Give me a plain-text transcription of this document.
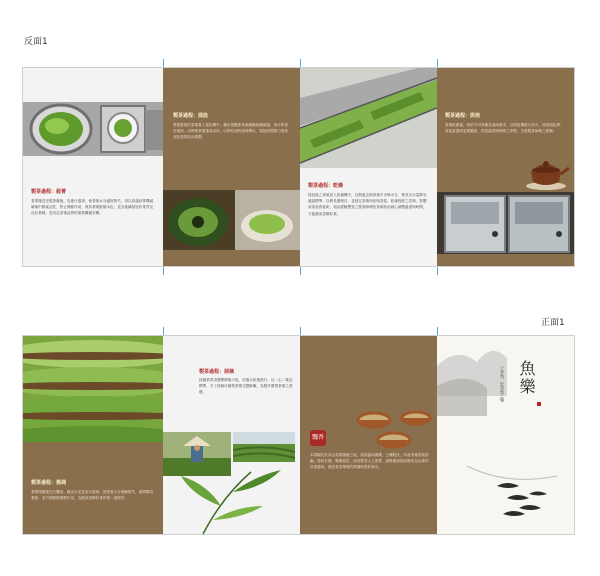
反面1
正面1
製茶過程：殺菁
茶菁運送至製茶廠後，先進行萎凋，使茶葉水分適度散失，再以高溫炒菁機破壞葉中酵素活性，停止發酵作用，保持茶葉鮮綠本色，並為後續揉捻作業奠定良好基礎，是決定茶葉品質的重要關鍵步驟。
製茶過程：揉捻
將殺菁後的茶葉置入揉捻機中，藉由揉壓使茶葉細胞組織破損，茶汁附著於葉面，同時使茶葉捲曲成形，以利沖泡時滋味釋出，揉捻時間與力道皆須依茶菁狀況調整。
製茶過程：乾燥
揉捻後之茶葉送入乾燥機中，以熱風去除茶葉中多餘水分，使其含水量降至適當標準，以利長期保存，並固定茶葉形狀與香氣，乾燥程度之控制，影響成茶品質甚鉅，須由經驗豐富之製茶師傅依茶葉狀況細心調整溫度與時間，方能製成香醇好茶。
製茶過程：烘焙
茶葉乾燥後，再依不同茶種及風味需求，以烘焙機進行焙火，使茶湯色澤、香氣及滋味更臻圓熟，烘焙溫度與時間之拿捏，全憑製茶師傅之經驗。
製茶過程：萎凋
茶菁採摘後先行攤放，藉由日光及室內萎凋，使茶菁水分逐漸散失，葉質轉為柔軟，並引發輕微發酵作用，為製成香醇好茶的第一道程序。
製茶過程：採摘
採摘茶菁須選擇晴朗天氣，於露水乾後進行，以一心二葉為標準，手工採摘可確保茶菁完整鮮嫩，為製作優質茶葉之基礎。
飄香
本茶園位於高山雲霧繚繞之地，氣候溫和濕潤，土壤肥沃，所產茶葉香氣清幽，滋味甘醇，喉韻悠長，深受愛茶人士喜愛，誠摯邀請您品嚐來自山林的好茶滋味，感受茶香帶來的寧靜與美好時光。
魚樂
子非魚，安知魚之樂
